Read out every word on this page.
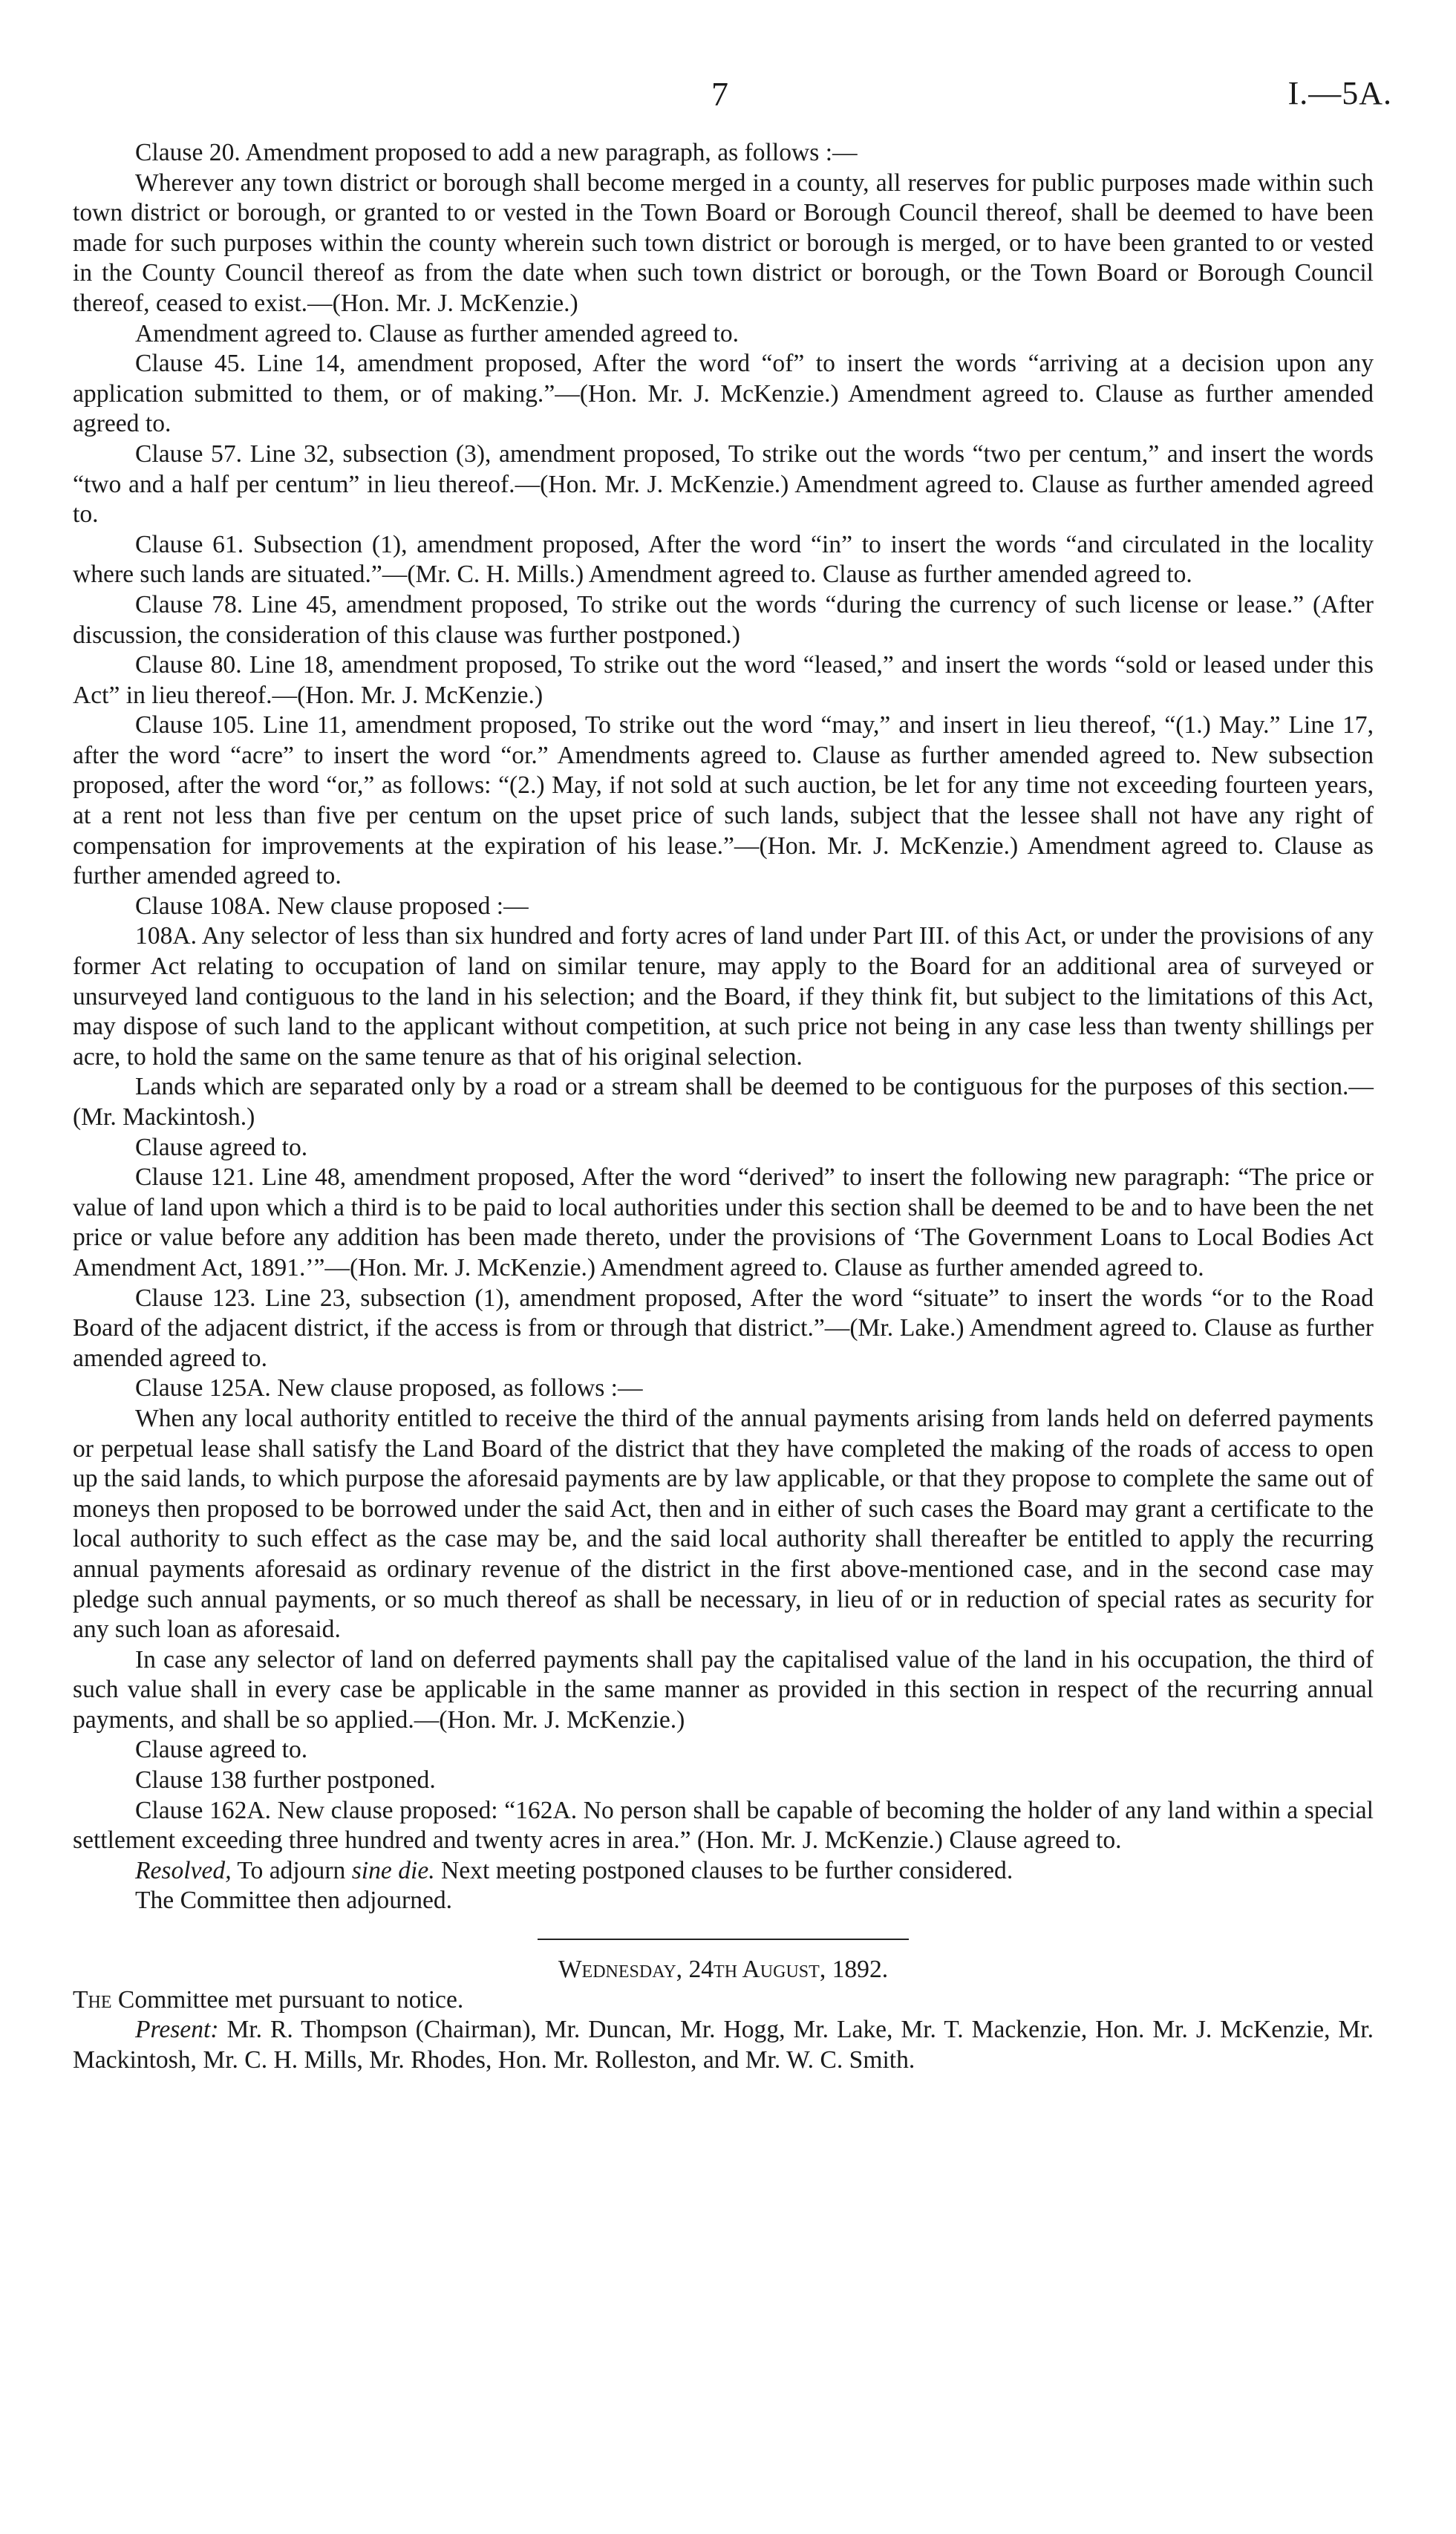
7	I.—5A.

Clause 20. Amendment proposed to add a new paragraph, as follows :—

Wherever any town district or borough shall become merged in a county, all reserves for public purposes made within such town district or borough, or granted to or vested in the Town Board or Borough Council thereof, shall be deemed to have been made for such purposes within the county wherein such town district or borough is merged, or to have been granted to or vested in the County Council thereof as from the date when such town district or borough, or the Town Board or Borough Council thereof, ceased to exist.—(Hon. Mr. J. McKenzie.)

Amendment agreed to. Clause as further amended agreed to.

Clause 45. Line 14, amendment proposed, After the word “of” to insert the words “arriving at a decision upon any application submitted to them, or of making.”—(Hon. Mr. J. McKenzie.) Amendment agreed to. Clause as further amended agreed to.

Clause 57. Line 32, subsection (3), amendment proposed, To strike out the words “two per centum,” and insert the words “two and a half per centum” in lieu thereof.—(Hon. Mr. J. McKenzie.) Amendment agreed to. Clause as further amended agreed to.

Clause 61. Subsection (1), amendment proposed, After the word “in” to insert the words “and circulated in the locality where such lands are situated.”—(Mr. C. H. Mills.) Amendment agreed to. Clause as further amended agreed to.

Clause 78. Line 45, amendment proposed, To strike out the words “during the currency of such license or lease.” (After discussion, the consideration of this clause was further postponed.)

Clause 80. Line 18, amendment proposed, To strike out the word “leased,” and insert the words “sold or leased under this Act” in lieu thereof.—(Hon. Mr. J. McKenzie.)

Clause 105. Line 11, amendment proposed, To strike out the word “may,” and insert in lieu thereof, “(1.) May.” Line 17, after the word “acre” to insert the word “or.” Amendments agreed to. Clause as further amended agreed to. New subsection proposed, after the word “or,” as follows: “(2.) May, if not sold at such auction, be let for any time not exceeding fourteen years, at a rent not less than five per centum on the upset price of such lands, subject that the lessee shall not have any right of compensation for improvements at the expiration of his lease.”—(Hon. Mr. J. McKenzie.) Amendment agreed to. Clause as further amended agreed to.

Clause 108A. New clause proposed :—

108A. Any selector of less than six hundred and forty acres of land under Part III. of this Act, or under the provisions of any former Act relating to occupation of land on similar tenure, may apply to the Board for an additional area of surveyed or unsurveyed land contiguous to the land in his selection; and the Board, if they think fit, but subject to the limitations of this Act, may dispose of such land to the applicant without competition, at such price not being in any case less than twenty shillings per acre, to hold the same on the same tenure as that of his original selection.

Lands which are separated only by a road or a stream shall be deemed to be contiguous for the purposes of this section.—(Mr. Mackintosh.)

Clause agreed to.

Clause 121. Line 48, amendment proposed, After the word “derived” to insert the following new paragraph: “The price or value of land upon which a third is to be paid to local authorities under this section shall be deemed to be and to have been the net price or value before any addition has been made thereto, under the provisions of ‘The Government Loans to Local Bodies Act Amendment Act, 1891.’”—(Hon. Mr. J. McKenzie.) Amendment agreed to. Clause as further amended agreed to.

Clause 123. Line 23, subsection (1), amendment proposed, After the word “situate” to insert the words “or to the Road Board of the adjacent district, if the access is from or through that district.”—(Mr. Lake.) Amendment agreed to. Clause as further amended agreed to.

Clause 125A. New clause proposed, as follows :—

When any local authority entitled to receive the third of the annual payments arising from lands held on deferred payments or perpetual lease shall satisfy the Land Board of the district that they have completed the making of the roads of access to open up the said lands, to which purpose the aforesaid payments are by law applicable, or that they propose to complete the same out of moneys then proposed to be borrowed under the said Act, then and in either of such cases the Board may grant a certificate to the local authority to such effect as the case may be, and the said local authority shall thereafter be entitled to apply the recurring annual payments aforesaid as ordinary revenue of the district in the first above-mentioned case, and in the second case may pledge such annual payments, or so much thereof as shall be necessary, in lieu of or in reduction of special rates as security for any such loan as aforesaid.

In case any selector of land on deferred payments shall pay the capitalised value of the land in his occupation, the third of such value shall in every case be applicable in the same manner as provided in this section in respect of the recurring annual payments, and shall be so applied.—(Hon. Mr. J. McKenzie.)

Clause agreed to.

Clause 138 further postponed.

Clause 162A. New clause proposed: “162A. No person shall be capable of becoming the holder of any land within a special settlement exceeding three hundred and twenty acres in area.” (Hon. Mr. J. McKenzie.) Clause agreed to.

Resolved, To adjourn sine die. Next meeting postponed clauses to be further considered.

The Committee then adjourned.

Wednesday, 24th August, 1892.

The Committee met pursuant to notice.

Present: Mr. R. Thompson (Chairman), Mr. Duncan, Mr. Hogg, Mr. Lake, Mr. T. Mackenzie, Hon. Mr. J. McKenzie, Mr. Mackintosh, Mr. C. H. Mills, Mr. Rhodes, Hon. Mr. Rolleston, and Mr. W. C. Smith.
